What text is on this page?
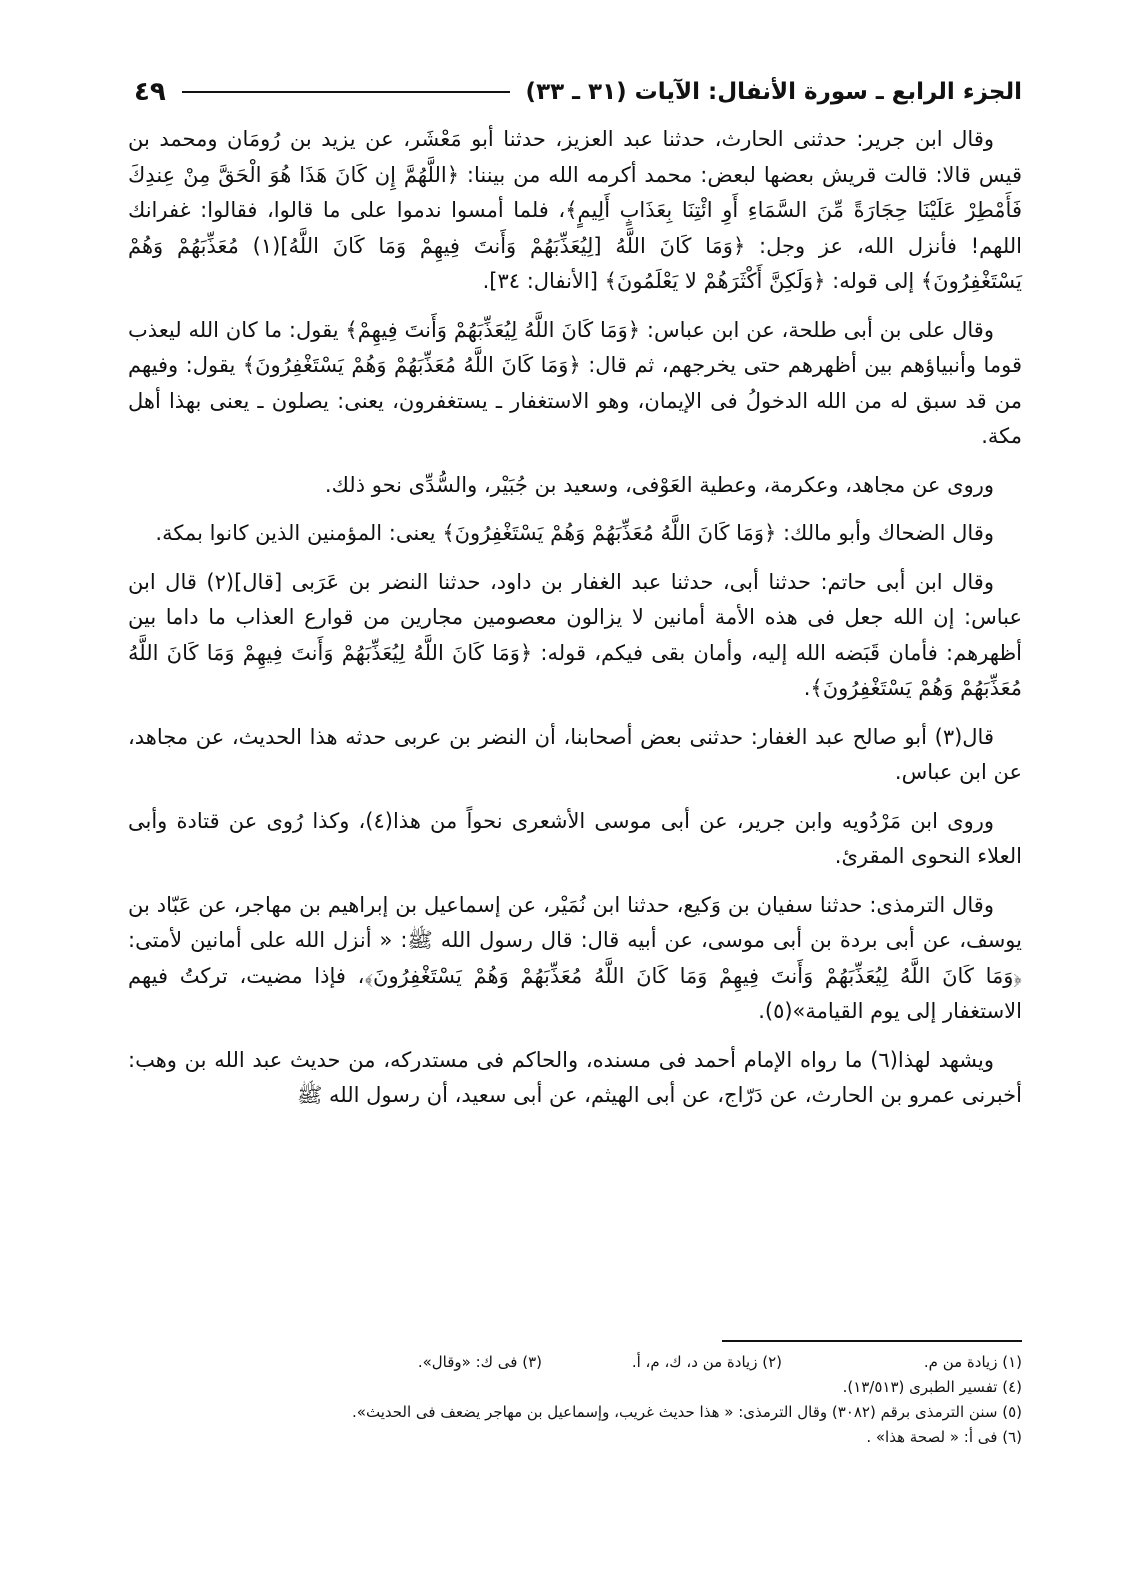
الجزء الرابع ـ سورة الأنفال: الآيات (٣١ ـ ٣٣)
٤٩

وقال ابن جرير: حدثنى الحارث، حدثنا عبد العزيز، حدثنا أبو مَعْشَر، عن يزيد بن رُومَان ومحمد بن قيس قالا: قالت قريش بعضها لبعض: محمد أكرمه الله من بيننا: ﴿اللَّهُمَّ إِن كَانَ هَذَا هُوَ الْحَقَّ مِنْ عِندِكَ فَأَمْطِرْ عَلَيْنَا حِجَارَةً مِّنَ السَّمَاءِ أَوِ ائْتِنَا بِعَذَابٍ أَلِيمٍ﴾، فلما أمسوا ندموا على ما قالوا، فقالوا: غفرانك اللهم! فأنزل الله، عز وجل: ﴿وَمَا كَانَ اللَّهُ [لِيُعَذِّبَهُمْ وَأَنتَ فِيهِمْ وَمَا كَانَ اللَّهُ](١) مُعَذِّبَهُمْ وَهُمْ يَسْتَغْفِرُونَ﴾ إلى قوله: ﴿وَلَكِنَّ أَكْثَرَهُمْ لا يَعْلَمُونَ﴾ [الأنفال: ٣٤].

وقال على بن أبى طلحة، عن ابن عباس: ﴿وَمَا كَانَ اللَّهُ لِيُعَذِّبَهُمْ وَأَنتَ فِيهِمْ﴾ يقول: ما كان الله ليعذب قوما وأنبياؤهم بين أظهرهم حتى يخرجهم، ثم قال: ﴿وَمَا كَانَ اللَّهُ مُعَذِّبَهُمْ وَهُمْ يَسْتَغْفِرُونَ﴾ يقول: وفيهم من قد سبق له من الله الدخولُ فى الإيمان، وهو الاستغفار ـ يستغفرون، يعنى: يصلون ـ يعنى بهذا أهل مكة.

وروى عن مجاهد، وعكرمة، وعطية العَوْفى، وسعيد بن جُبَيْر، والسُّدِّى نحو ذلك.

وقال الضحاك وأبو مالك: ﴿وَمَا كَانَ اللَّهُ مُعَذِّبَهُمْ وَهُمْ يَسْتَغْفِرُونَ﴾ يعنى: المؤمنين الذين كانوا بمكة.

وقال ابن أبى حاتم: حدثنا أبى، حدثنا عبد الغفار بن داود، حدثنا النضر بن عَرَبى [قال](٢) قال ابن عباس: إن الله جعل فى هذه الأمة أمانين لا يزالون معصومين مجارين من قوارع العذاب ما داما بين أظهرهم: فأمان قَبَضه الله إليه، وأمان بقى فيكم، قوله: ﴿وَمَا كَانَ اللَّهُ لِيُعَذِّبَهُمْ وَأَنتَ فِيهِمْ وَمَا كَانَ اللَّهُ مُعَذِّبَهُمْ وَهُمْ يَسْتَغْفِرُونَ﴾.

قال(٣) أبو صالح عبد الغفار: حدثنى بعض أصحابنا، أن النضر بن عربى حدثه هذا الحديث، عن مجاهد، عن ابن عباس.

وروى ابن مَرْدُويه وابن جرير، عن أبى موسى الأشعرى نحواً من هذا(٤)، وكذا رُوى عن قتادة وأبى العلاء النحوى المقرئ.

وقال الترمذى: حدثنا سفيان بن وَكيع، حدثنا ابن نُمَيْر، عن إسماعيل بن إبراهيم بن مهاجر، عن عَبّاد بن يوسف، عن أبى بردة بن أبى موسى، عن أبيه قال: قال رسول الله ﷺ: « أنزل الله على أمانين لأمتى: ﴿وَمَا كَانَ اللَّهُ لِيُعَذِّبَهُمْ وَأَنتَ فِيهِمْ وَمَا كَانَ اللَّهُ مُعَذِّبَهُمْ وَهُمْ يَسْتَغْفِرُونَ﴾، فإذا مضيت، تركتُ فيهم الاستغفار إلى يوم القيامة»(٥).

ويشهد لهذا(٦) ما رواه الإمام أحمد فى مسنده، والحاكم فى مستدركه، من حديث عبد الله بن وهب: أخبرنى عمرو بن الحارث، عن دَرّاج، عن أبى الهيثم، عن أبى سعيد، أن رسول الله ﷺ

(١) زيادة من م.
(٢) زيادة من د، ك، م، أ.
(٣) فى ك: «وقال».
(٤) تفسير الطبرى (١٣/٥١٣).
(٥) سنن الترمذى برقم (٣٠٨٢) وقال الترمذى: « هذا حديث غريب، وإسماعيل بن مهاجر يضعف فى الحديث».
(٦) فى أ: « لصحة هذا» .
